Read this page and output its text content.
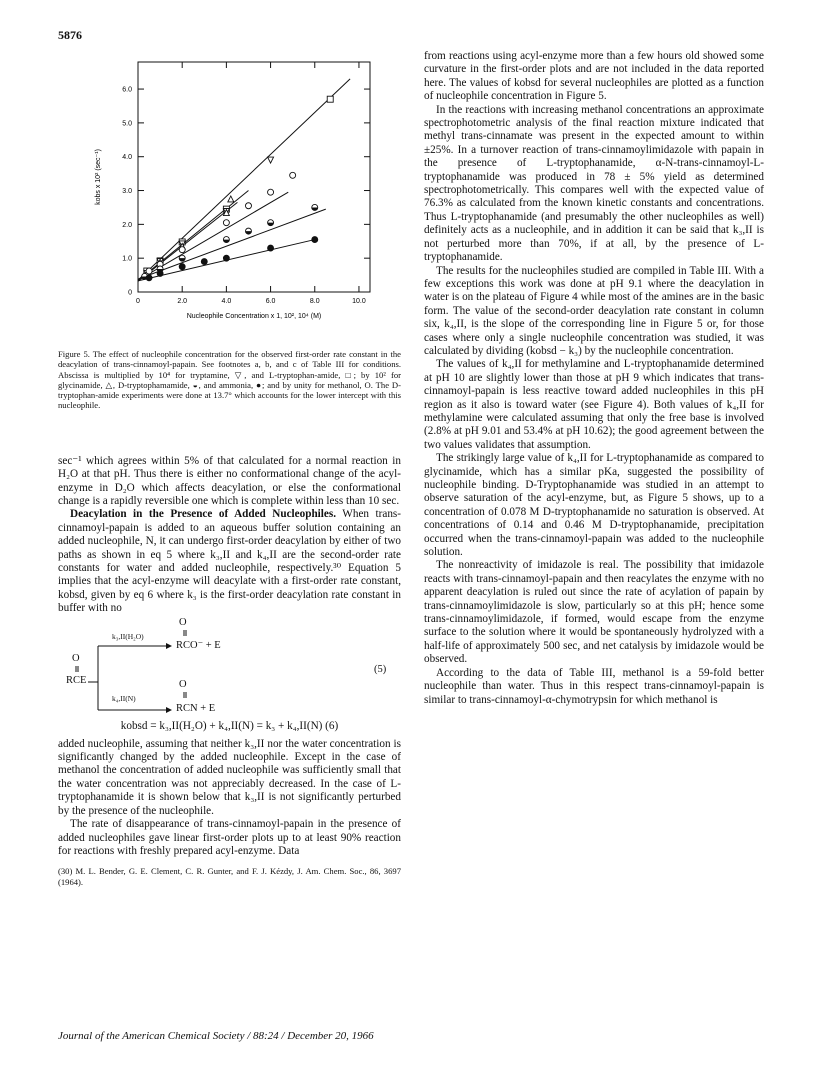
5876
0	2.0	4.0	6.0	8.0	10.0
0
1.0
2.0
3.0
4.0
5.0
6.0
Nucleophile Concentration x 1, 10², 10⁴ (M)
kobs x 10² (sec⁻¹)
Figure 5. The effect of nucleophile concentration for the observed first-order rate constant in the deacylation of trans-cinnamoyl-papain. See footnotes a, b, and c of Table III for conditions. Abscissa is multiplied by 10⁴ for tryptamine, ▽, and L-tryptophan-amide, □; by 10² for glycinamide, △, D-tryptophamamide, ◒, and ammonia, ●; and by unity for methanol, O. The D-tryptophan-amide experiments were done at 13.7° which accounts for the lower intercept with this nucleophile.

sec⁻¹ which agrees within 5% of that calculated for a normal reaction in H₂O at that pH. Thus there is either no conformational change of the acyl-enzyme in D₂O which affects deacylation, or else the conformational change is a rapidly reversible one which is complete within less than 10 sec.

Deacylation in the Presence of Added Nucleophiles. When trans-cinnamoyl-papain is added to an aqueous buffer solution containing an added nucleophile, N, it can undergo first-order deacylation by either of two paths as shown in eq 5 where k₃,II and k₄,II are the second-order rate constants for water and added nucleophile, respectively.³⁰ Equation 5 implies that the acyl-enzyme will deacylate with a first-order rate constant, kobsd, given by eq 6 where k₃ is the first-order deacylation rate constant in buffer with no

O
k₃,II(H₂O)
RCO⁻ + E
O
RCE
(5)
k₄,II(N)
O
RCN + E
kobsd = k₃,II(H₂O) + k₄,II(N) = k₃ + k₄,II(N) (6)

added nucleophile, assuming that neither k₃,II nor the water concentration is significantly changed by the added nucleophile. Except in the case of methanol the concentration of added nucleophile was sufficiently small that the water concentration was not appreciably decreased. In the case of L-tryptophanamide it is shown below that k₃,II is not significantly perturbed by the presence of the nucleophile.

The rate of disappearance of trans-cinnamoyl-papain in the presence of added nucleophiles gave linear first-order plots up to at least 90% reaction for reactions with freshly prepared acyl-enzyme. Data

(30) M. L. Bender, G. E. Clement, C. R. Gunter, and F. J. Kézdy, J. Am. Chem. Soc., 86, 3697 (1964).

from reactions using acyl-enzyme more than a few hours old showed some curvature in the first-order plots and are not included in the data reported here. The values of kobsd for several nucleophiles are plotted as a function of nucleophile concentration in Figure 5.

In the reactions with increasing methanol concentrations an approximate spectrophotometric analysis of the final reaction mixture indicated that methyl trans-cinnamate was present in the expected amount to within ±25%. In a turnover reaction of trans-cinnamoylimidazole with papain in the presence of L-tryptophanamide, α-N-trans-cinnamoyl-L-tryptophanamide was produced in 78 ± 5% yield as determined spectrophotometrically. This compares well with the expected value of 76.3% as calculated from the known kinetic constants and concentrations. Thus L-tryptophanamide (and presumably the other nucleophiles as well) definitely acts as a nucleophile, and in addition it can be said that k₃,II is not perturbed more than 70%, if at all, by the presence of L-tryptophanamide.

The results for the nucleophiles studied are compiled in Table III. With a few exceptions this work was done at pH 9.1 where the deacylation in water is on the plateau of Figure 4 while most of the amines are in the basic form. The value of the second-order deacylation rate constant in column six, k₄,II, is the slope of the corresponding line in Figure 5 or, for those cases where only a single nucleophile concentration was studied, it was calculated by dividing (kobsd − k₃) by the nucleophile concentration.

The values of k₄,II for methylamine and L-tryptophanamide determined at pH 10 are slightly lower than those at pH 9 which indicates that trans-cinnamoyl-papain is less reactive toward added nucleophiles in this pH region as it also is toward water (see Figure 4). Both values of k₄,II for methylamine were calculated assuming that only the free base is involved (2.8% at pH 9.01 and 53.4% at pH 10.62); the good agreement between the two values validates that assumption.

The strikingly large value of k₄,II for L-tryptophanamide as compared to glycinamide, which has a similar pKa, suggested the possibility of nucleophile binding. D-Tryptophanamide was studied in an attempt to observe saturation of the acyl-enzyme, but, as Figure 5 shows, up to a concentration of 0.078 M D-tryptophanamide no saturation is observed. At concentrations of 0.14 and 0.46 M D-tryptophanamide, precipitation occurred when the trans-cinnamoyl-papain was added to the nucleophile solution.

The nonreactivity of imidazole is real. The possibility that imidazole reacts with trans-cinnamoyl-papain and then reacylates the enzyme with no apparent deacylation is ruled out since the rate of acylation of papain by trans-cinnamoylimidazole is slow, particularly so at this pH; hence some trans-cinnamoylimidazole, if formed, would escape from the enzyme surface to the solution where it would be spontaneously hydrolyzed with a half-life of approximately 500 sec, and net catalysis by imidazole would be observed.

According to the data of Table III, methanol is a 59-fold better nucleophile than water. Thus in this respect trans-cinnamoyl-papain is similar to trans-cinnamoyl-α-chymotrypsin for which methanol is

Journal of the American Chemical Society / 88:24 / December 20, 1966
